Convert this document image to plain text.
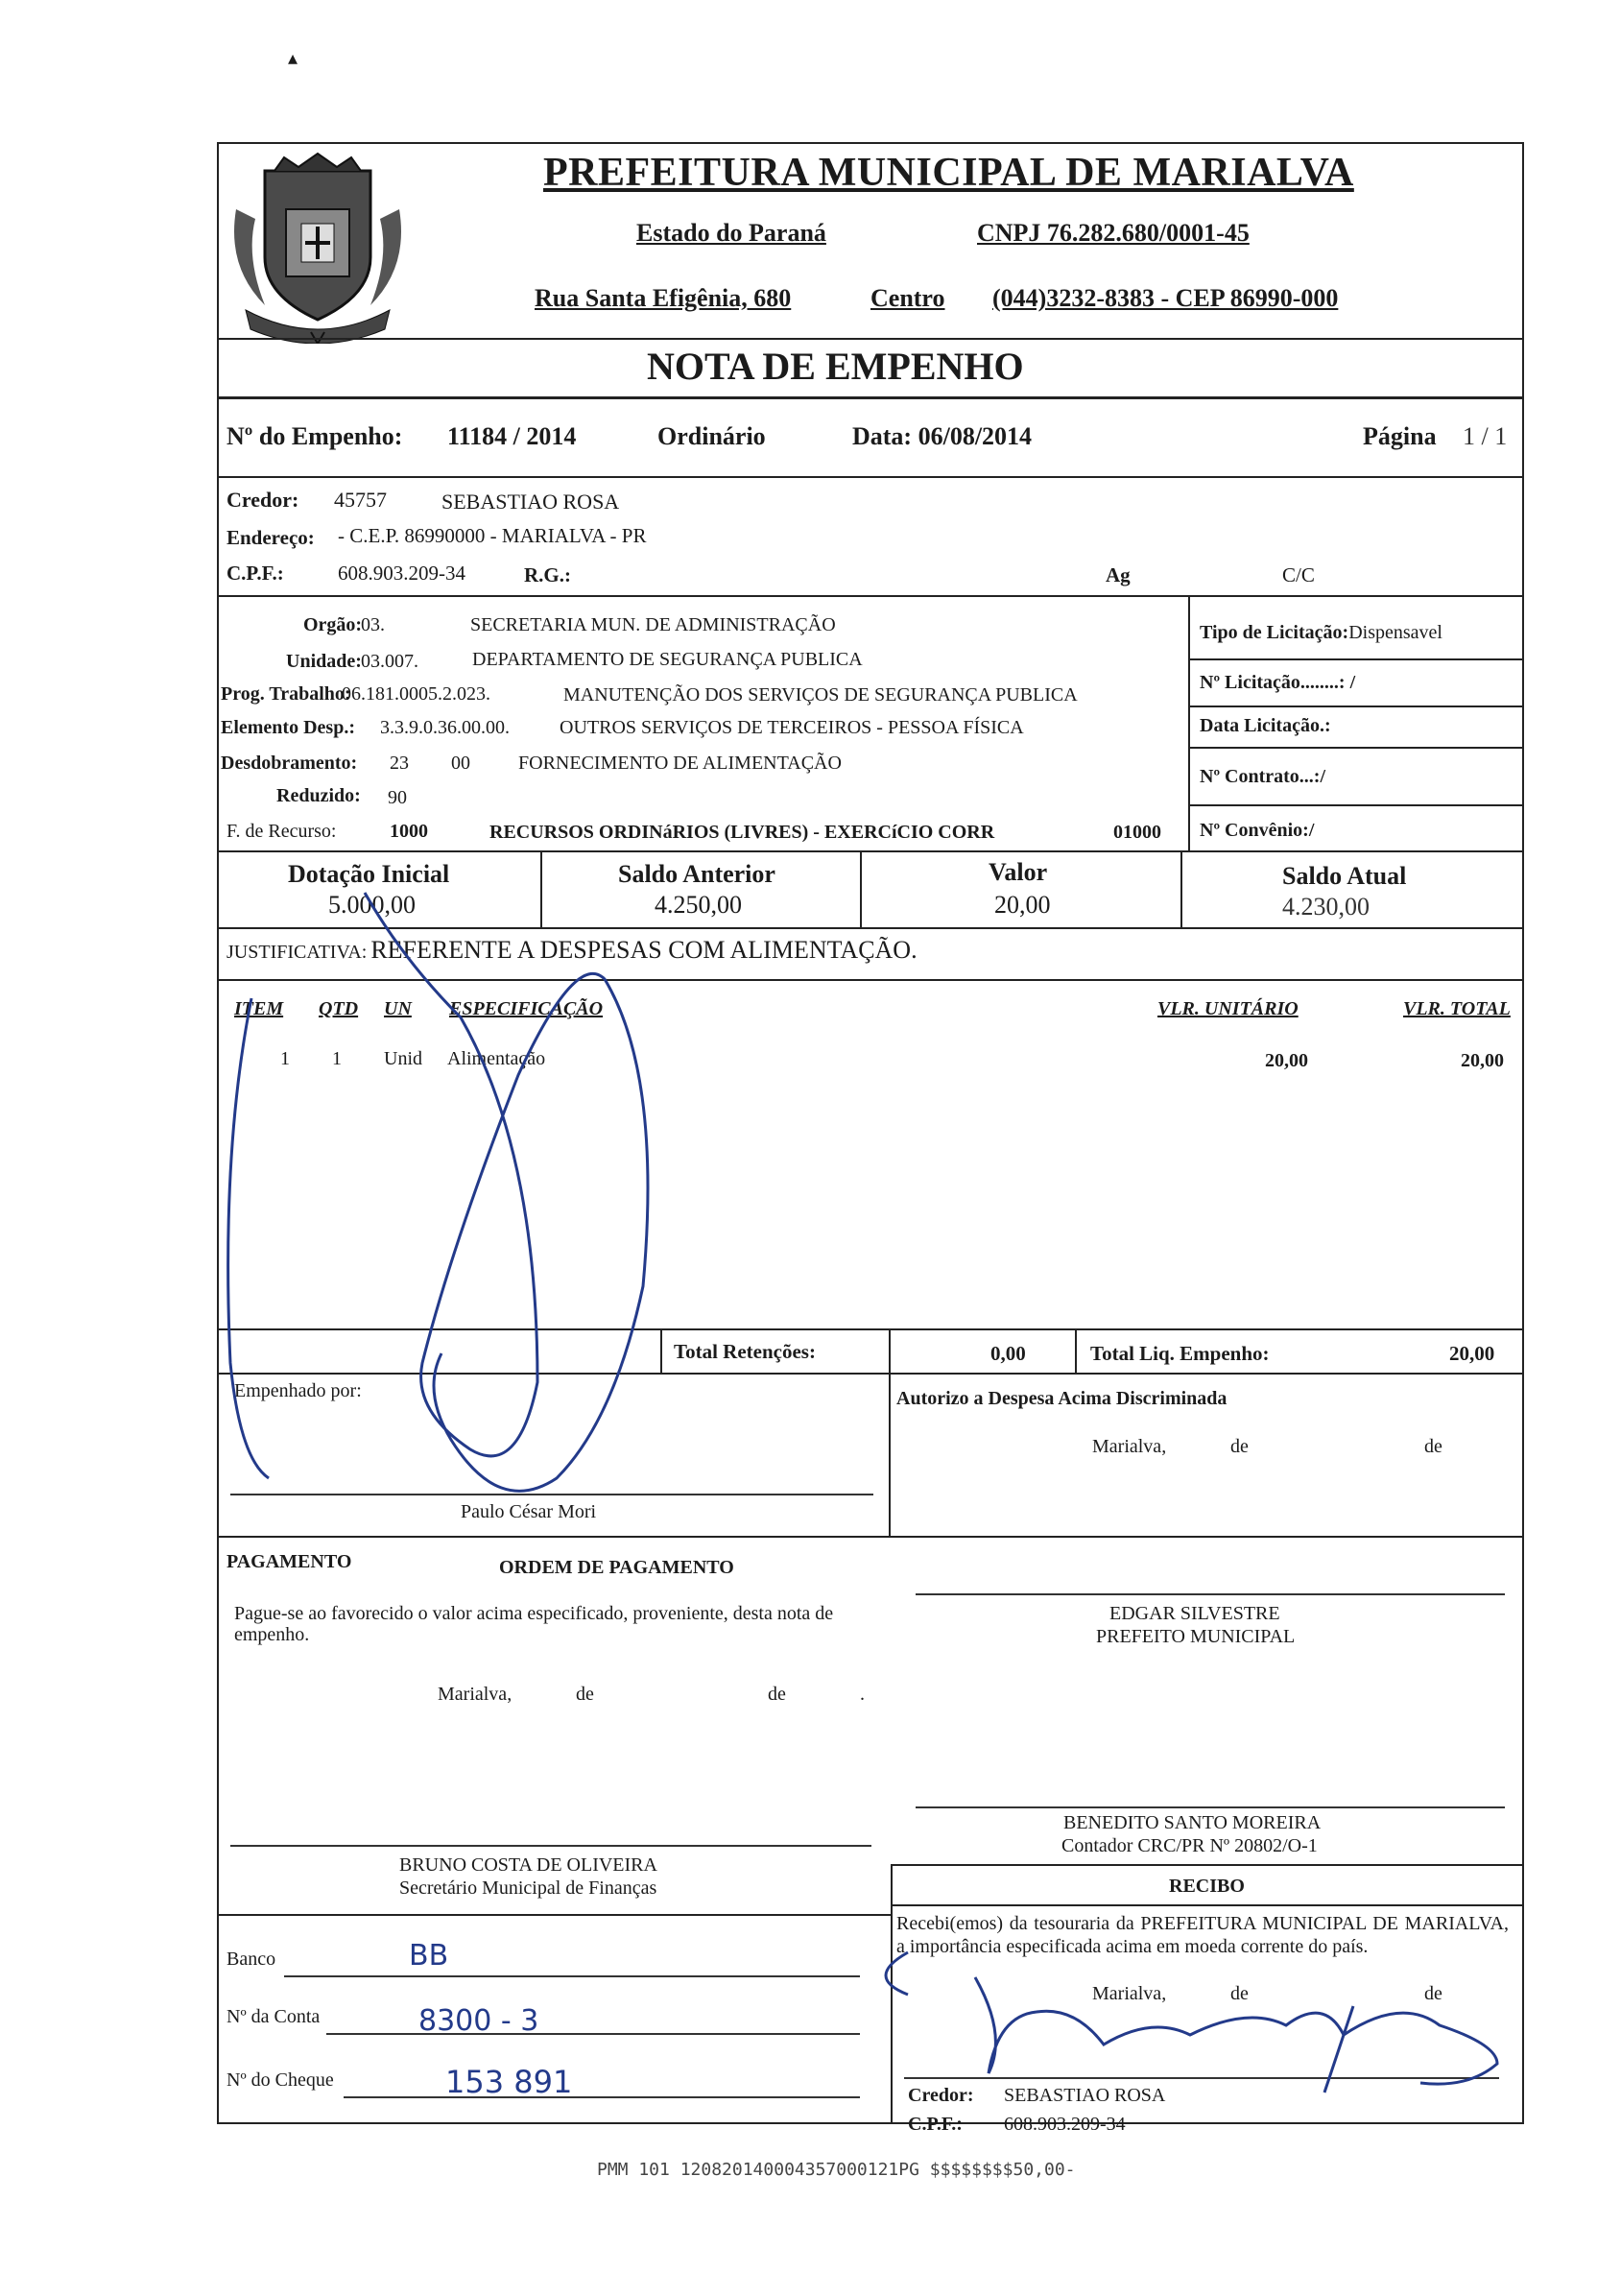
▴
PREFEITURA MUNICIPAL DE MARIALVA
Estado do Paraná	CNPJ 76.282.680/0001-45
Rua Santa Efigênia, 680	Centro (044)3232-8383 - CEP 86990-000
NOTA DE EMPENHO
Nº do Empenho: 11184 / 2014	Ordinário	Data: 06/08/2014	Página 1 / 1
Credor: 45757	SEBASTIAO ROSA
Endereço: - C.E.P. 86990000 - MARIALVA - PR
C.P.F.:	608.903.209-34	R.G.:	Ag	C/C
Orgão:
03.	SECRETARIA MUN. DE ADMINISTRAÇÃO
Unidade: 03.007.	DEPARTAMENTO DE SEGURANÇA PUBLICA
Prog. Trabalho:
06.181.0005.2.023.	MANUTENÇÃO DOS SERVIÇOS DE SEGURANÇA PUBLICA
Elemento Desp.: 3.3.9.0.36.00.00.	OUTROS SERVIÇOS DE TERCEIROS - PESSOA FÍSICA
Desdobramento: 23 00	FORNECIMENTO DE ALIMENTAÇÃO
Reduzido: 90
F. de Recurso:	1000	RECURSOS ORDINáRIOS (LIVRES) - EXERCíCIO CORR	01000
Tipo de Licitação:Dispensavel
Nº Licitação........: /
Data Licitação.:
Nº Contrato...:/
Nº Convênio:/
Dotação Inicial
5.000,00
Saldo Anterior
4.250,00
Valor
20,00
Saldo Atual
4.230,00
JUSTIFICATIVA: REFERENTE A DESPESAS COM ALIMENTAÇÃO.
ITEM QTD UN ESPECIFICAÇÃO	VLR. UNITÁRIO	VLR. TOTAL
1 1 Unid Alimentação	20,00	20,00
Total Retenções:	0,00	Total Liq. Empenho:	20,00
Empenhado por:	Autorizo a Despesa Acima Discriminada
Marialva,	de	de
Paulo César Mori
PAGAMENTO	ORDEM DE PAGAMENTO
Pague-se ao favorecido o valor acima especificado, proveniente, desta nota de empenho.
Marialva,	de	de	.
EDGAR SILVESTRE
PREFEITO MUNICIPAL
BRUNO COSTA DE OLIVEIRA
Secretário Municipal de Finanças
BENEDITO SANTO MOREIRA
Contador CRC/PR Nº 20802/O-1
RECIBO
Recebi(emos) da tesouraria da PREFEITURA MUNICIPAL DE MARIALVA, a importância especificada acima em moeda corrente do país.
Marialva,	de	de
Credor: SEBASTIAO ROSA
C.P.F.: 608.903.209-34
Banco	BB
Nº da Conta	8300 - 3
Nº do Cheque	153 891
PMM 101 120820140004357000121PG $$$$$$$$50,00-
